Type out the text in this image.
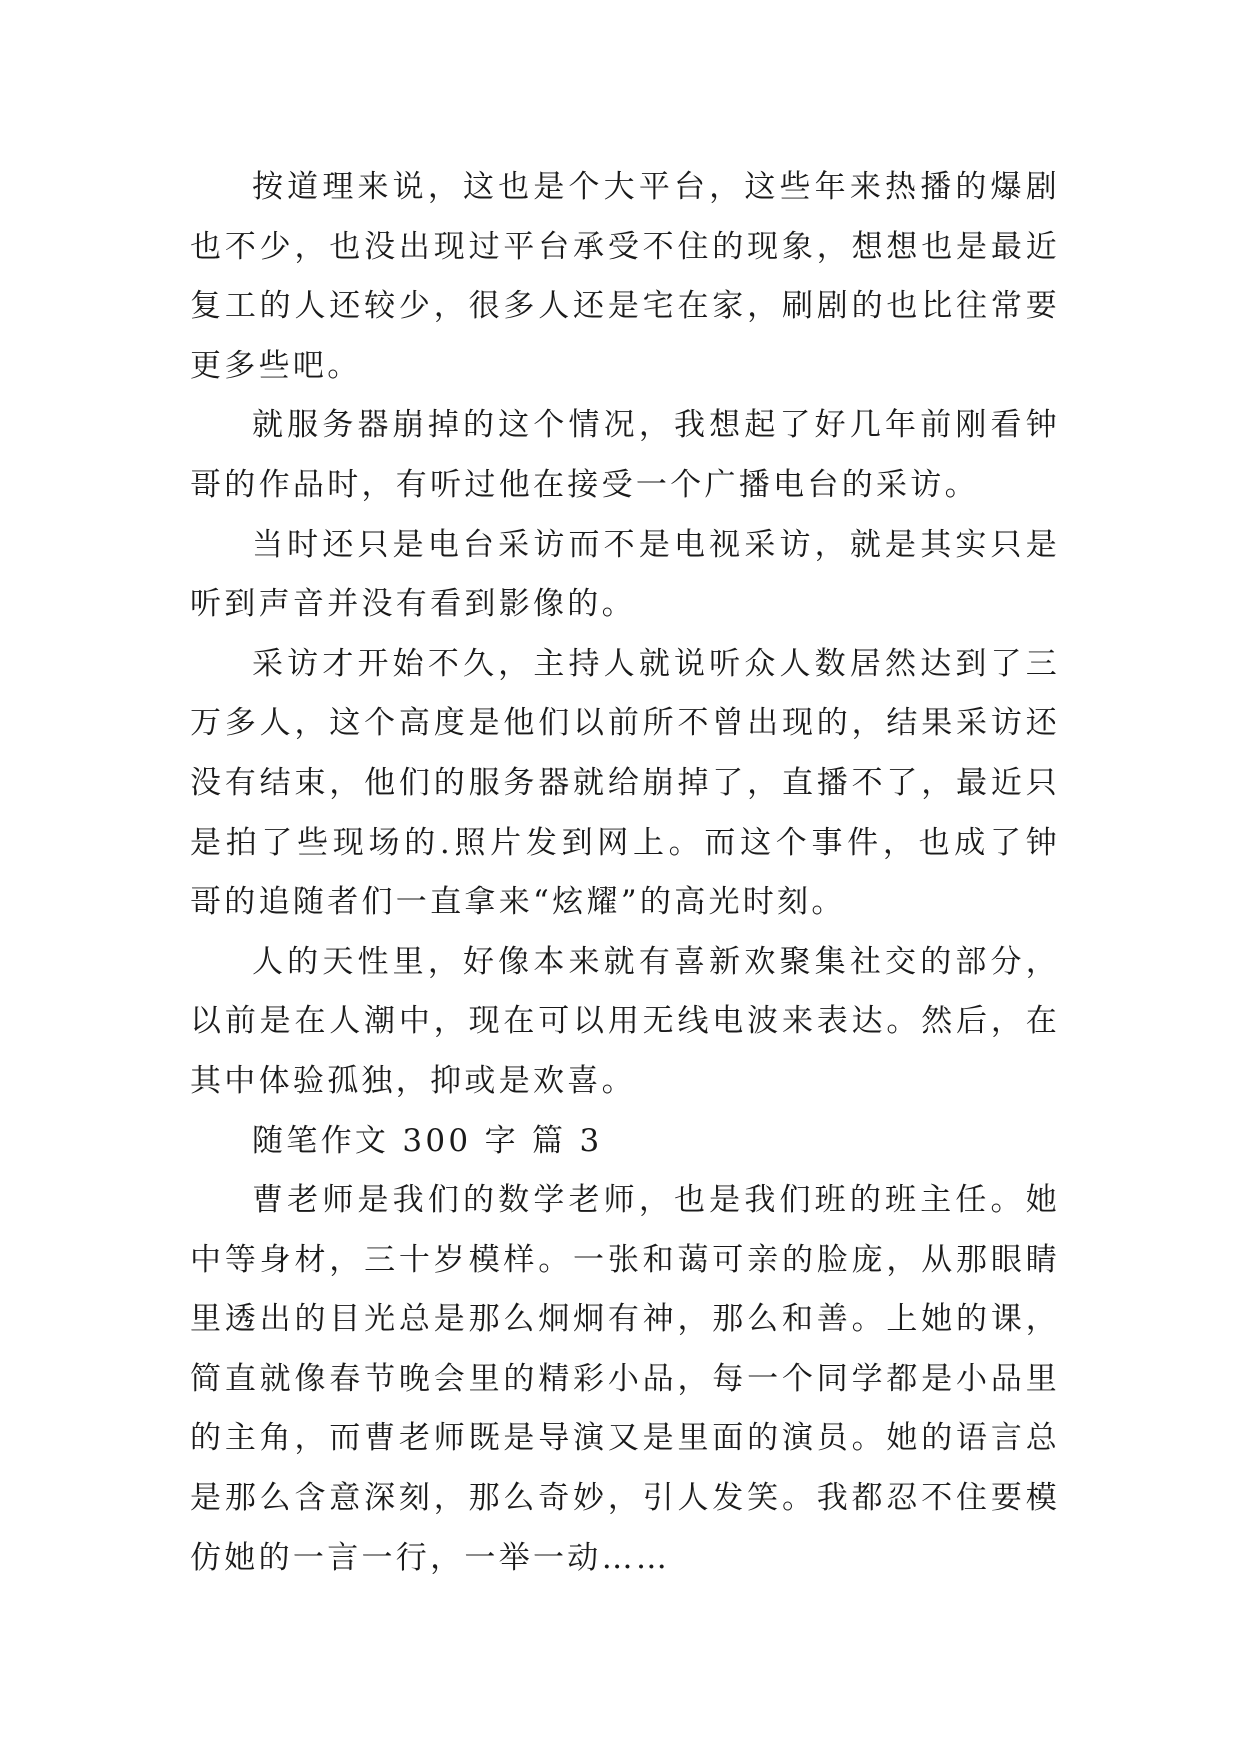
按道理来说，这也是个大平台，这些年来热播的爆剧也不少，也没出现过平台承受不住的现象，想想也是最近复工的人还较少，很多人还是宅在家，刷剧的也比往常要更多些吧。

就服务器崩掉的这个情况，我想起了好几年前刚看钟哥的作品时，有听过他在接受一个广播电台的采访。

当时还只是电台采访而不是电视采访，就是其实只是听到声音并没有看到影像的。

采访才开始不久，主持人就说听众人数居然达到了三万多人，这个高度是他们以前所不曾出现的，结果采访还没有结束，他们的服务器就给崩掉了，直播不了，最近只是拍了些现场的.照片发到网上。而这个事件，也成了钟哥的追随者们一直拿来“炫耀”的高光时刻。

人的天性里，好像本来就有喜新欢聚集社交的部分，以前是在人潮中，现在可以用无线电波来表达。然后，在其中体验孤独，抑或是欢喜。

随笔作文 300 字 篇 3

曹老师是我们的数学老师，也是我们班的班主任。她中等身材，三十岁模样。一张和蔼可亲的脸庞，从那眼睛里透出的目光总是那么炯炯有神，那么和善。上她的课，简直就像春节晚会里的精彩小品，每一个同学都是小品里的主角，而曹老师既是导演又是里面的演员。她的语言总是那么含意深刻，那么奇妙，引人发笑。我都忍不住要模仿她的一言一行，一举一动……
